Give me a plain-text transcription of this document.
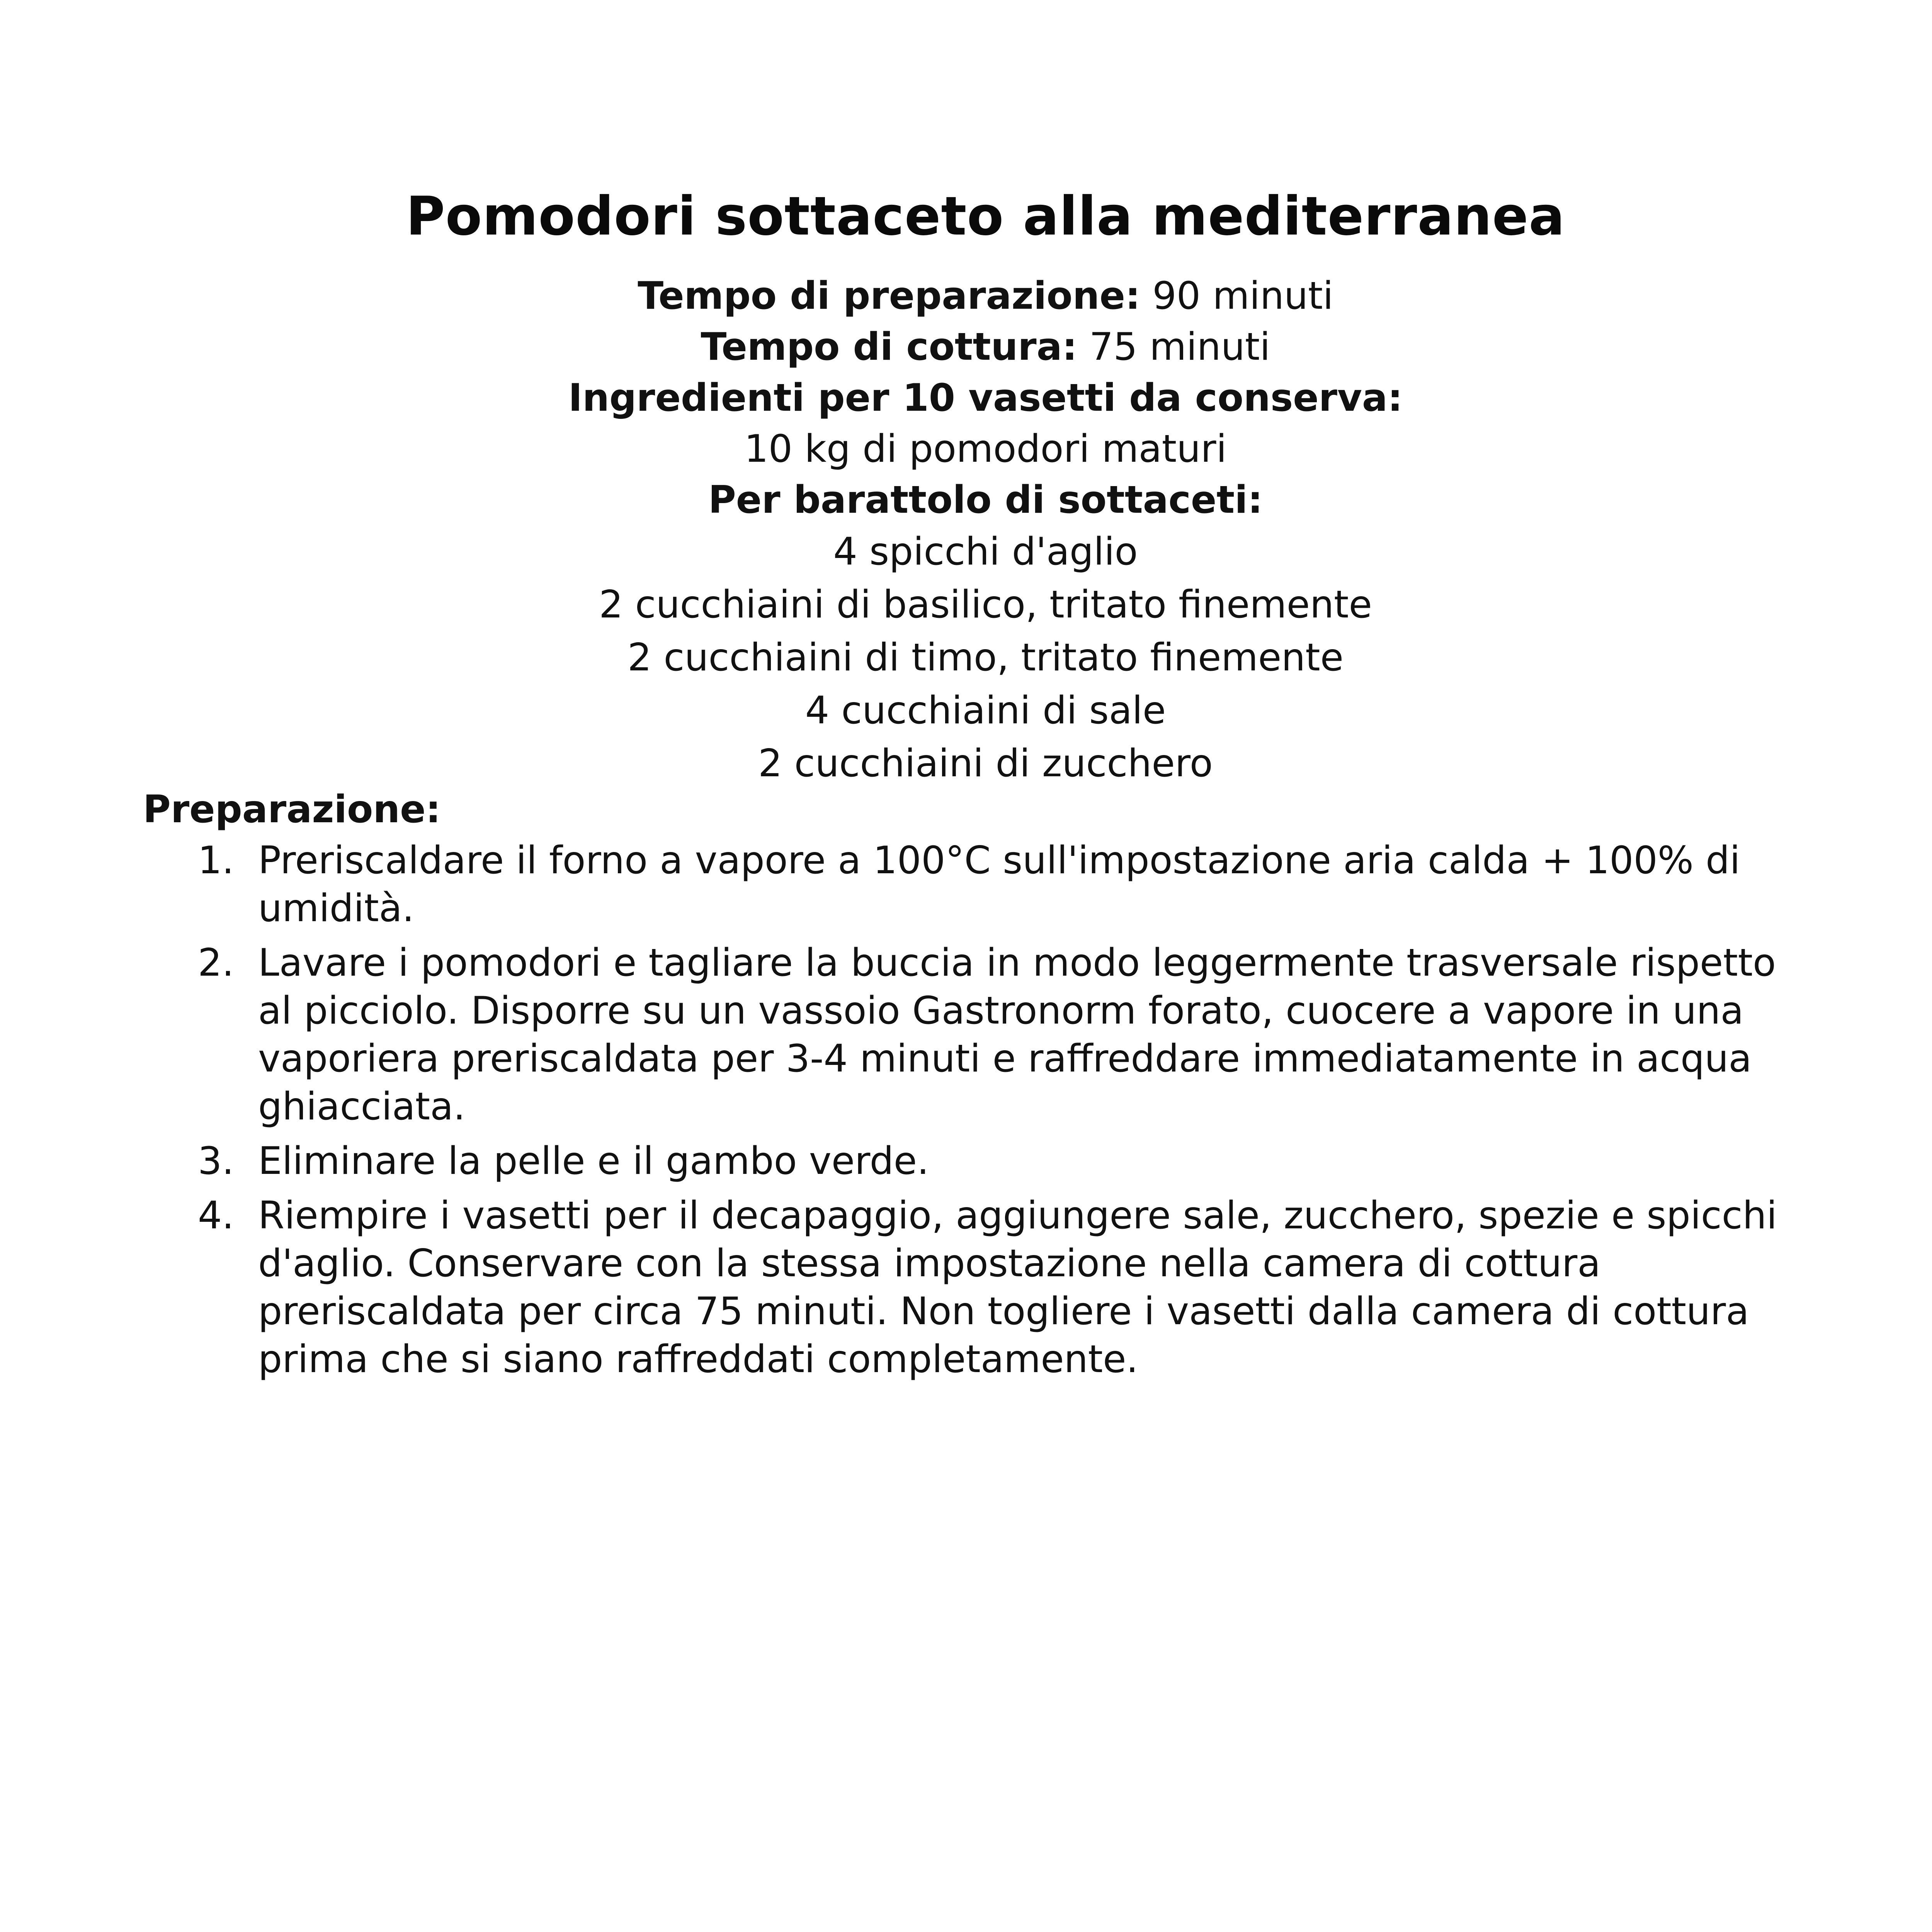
Pomodori sottaceto alla mediterranea
Tempo di preparazione: 90 minuti
Tempo di cottura: 75 minuti
Ingredienti per 10 vasetti da conserva:
10 kg di pomodori maturi
Per barattolo di sottaceti:
4 spicchi d'aglio
2 cucchiaini di basilico, tritato finemente
2 cucchiaini di timo, tritato finemente
4 cucchiaini di sale
2 cucchiaini di zucchero
Preparazione:
1. Preriscaldare il forno a vapore a 100°C sull'impostazione aria calda + 100% di umidità.
2. Lavare i pomodori e tagliare la buccia in modo leggermente trasversale rispetto al picciolo. Disporre su un vassoio Gastronorm forato, cuocere a vapore in una vaporiera preriscaldata per 3-4 minuti e raffreddare immediatamente in acqua ghiacciata.
3. Eliminare la pelle e il gambo verde.
4. Riempire i vasetti per il decapaggio, aggiungere sale, zucchero, spezie e spicchi d'aglio. Conservare con la stessa impostazione nella camera di cottura preriscaldata per circa 75 minuti. Non togliere i vasetti dalla camera di cottura prima che si siano raffreddati completamente.
